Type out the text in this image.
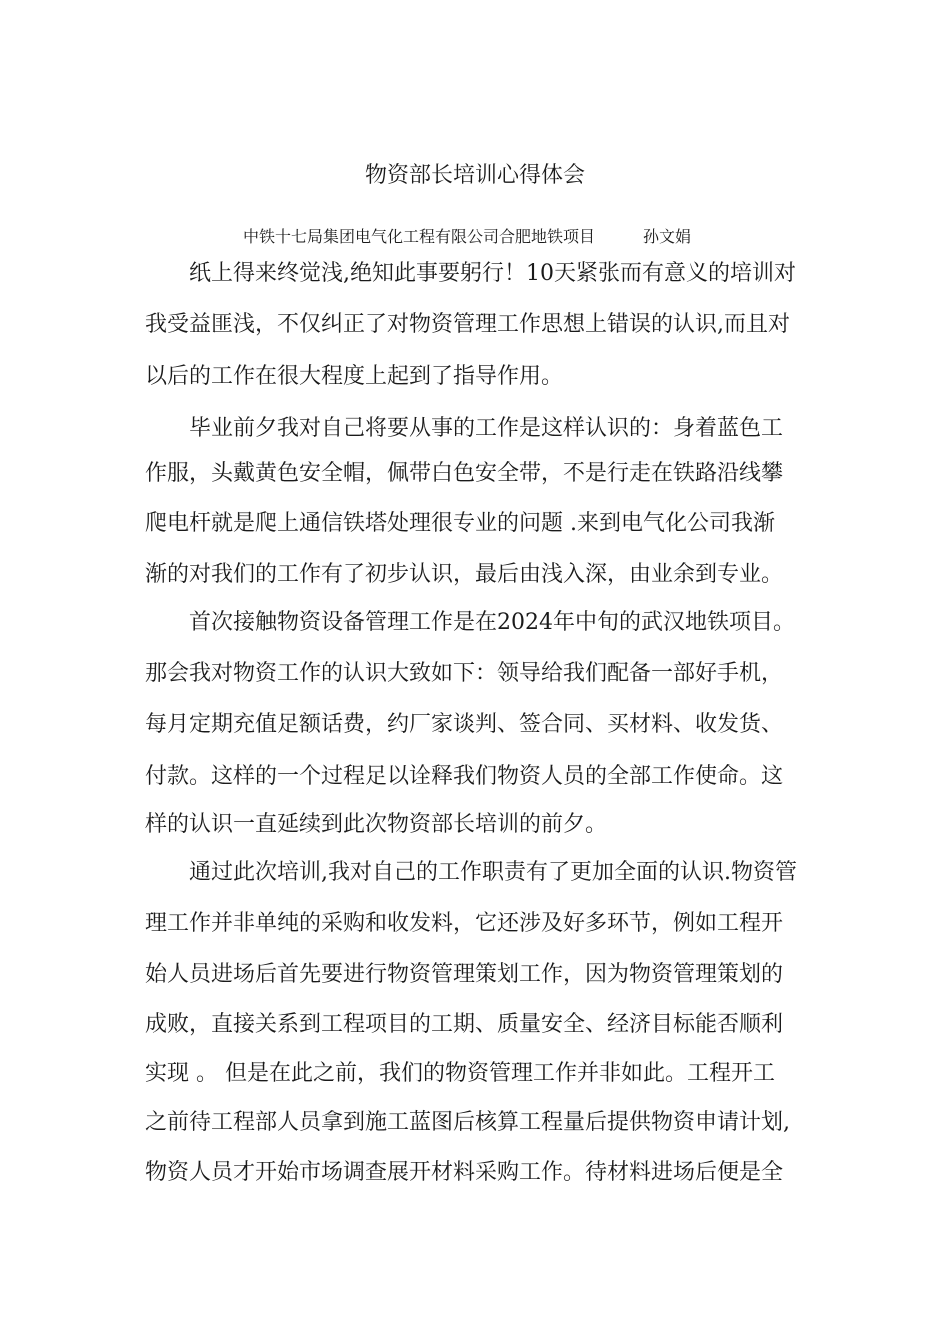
物资部长培训心得体会
中铁十七局集团电气化工程有限公司合肥地铁项目	孙文娟
纸上得来终觉浅,绝知此事要躬行！10天紧张而有意义的培训对
我受益匪浅，不仅纠正了对物资管理工作思想上错误的认识,而且对
以后的工作在很大程度上起到了指导作用。
毕业前夕我对自己将要从事的工作是这样认识的：身着蓝色工
作服，头戴黄色安全帽，佩带白色安全带，不是行走在铁路沿线攀
爬电杆就是爬上通信铁塔处理很专业的问题 .来到电气化公司我渐
渐的对我们的工作有了初步认识，最后由浅入深，由业余到专业。
首次接触物资设备管理工作是在2024年中旬的武汉地铁项目。
那会我对物资工作的认识大致如下：领导给我们配备一部好手机，
每月定期充值足额话费，约厂家谈判、签合同、买材料、收发货、
付款。这样的一个过程足以诠释我们物资人员的全部工作使命。这
样的认识一直延续到此次物资部长培训的前夕。
通过此次培训,我对自己的工作职责有了更加全面的认识.物资管
理工作并非单纯的采购和收发料，它还涉及好多环节，例如工程开
始人员进场后首先要进行物资管理策划工作，因为物资管理策划的
成败，直接关系到工程项目的工期、质量安全、经济目标能否顺利
实现 。 但是在此之前，我们的物资管理工作并非如此。工程开工
之前待工程部人员拿到施工蓝图后核算工程量后提供物资申请计划,
物资人员才开始市场调查展开材料采购工作。待材料进场后便是全
